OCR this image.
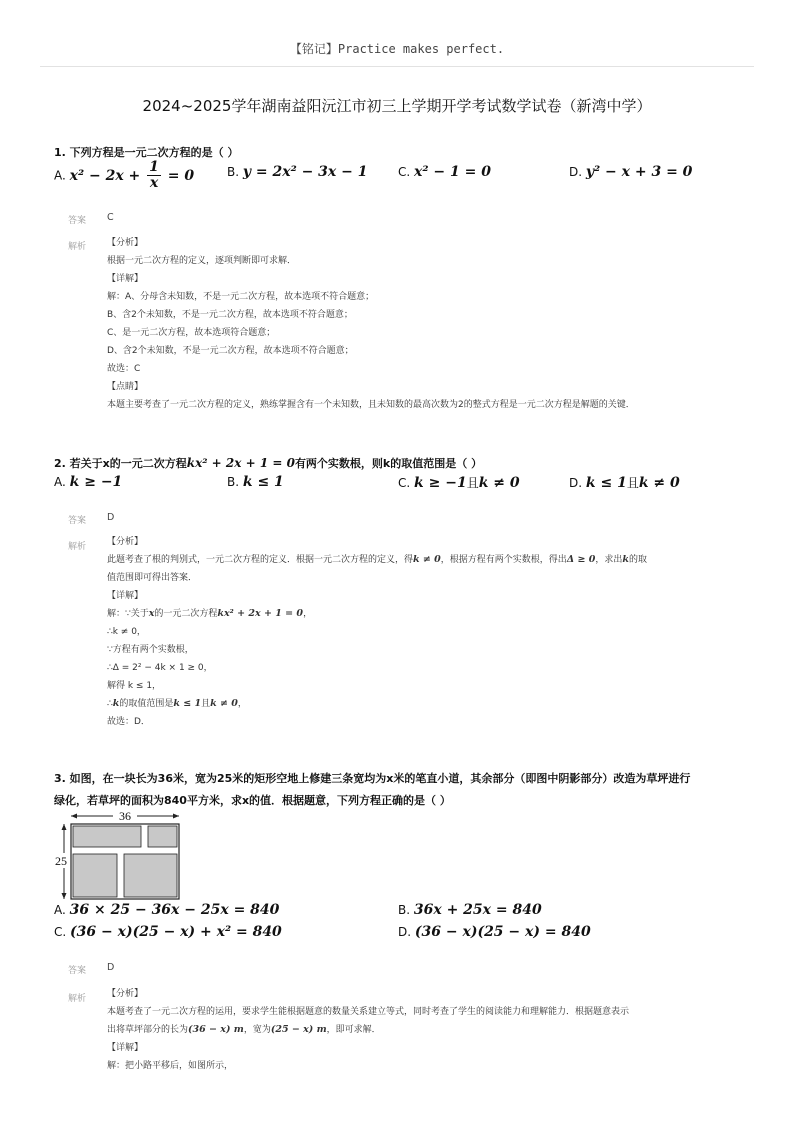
【铭记】Practice makes perfect.
2024~2025学年湖南益阳沅江市初三上学期开学考试数学试卷（新湾中学）
1. 下列方程是一元二次方程的是（ ）
A. $x^2 - 2x + \frac{1}{x} = 0$	B. y = 2x² − 3x − 1	C. x² − 1 = 0	D. y² − x + 3 = 0
答案 C
解析 【分析】
根据一元二次方程的定义，逐项判断即可求解．
【详解】
解：A、分母含未知数，不是一元二次方程，故本选项不符合题意；
B、含2个未知数，不是一元二次方程，故本选项不符合题意；
C、是一元二次方程，故本选项符合题意；
D、含2个未知数，不是一元二次方程，故本选项不符合题意；
故选：C
【点睛】
本题主要考查了一元二次方程的定义，熟练掌握含有一个未知数，且未知数的最高次数为2的整式方程是一元二次方程是解题的关键．
2. 若关于x的一元二次方程kx² + 2x + 1 = 0有两个实数根，则k的取值范围是（ ）
A. k ≥ −1	B. k ≤ 1	C. k ≥ −1且k ≠ 0	D. k ≤ 1且k ≠ 0
答案 D
解析 【分析】
此题考查了根的判别式，一元二次方程的定义．根据一元二次方程的定义，得k ≠ 0，根据方程有两个实数根，得出Δ ≥ 0，求出k的取
值范围即可得出答案．
【详解】
解：∵关于x的一元二次方程kx² + 2x + 1 = 0，
∴k ≠ 0，
∵方程有两个实数根，
∴Δ = 2² − 4k × 1 ≥ 0，
解得 k ≤ 1，
∴k的取值范围是k ≤ 1且k ≠ 0，
故选：D．
3. 如图，在一块长为36米，宽为25米的矩形空地上修建三条宽均为x米的笔直小道，其余部分（即图中阴影部分）改造为草坪进行
绿化，若草坪的面积为840平方米，求x的值．根据题意，下列方程正确的是（ ）
36
25
A. 36 × 25 − 36x − 25x = 840	B. 36x + 25x = 840
C. (36 − x)(25 − x) + x² = 840	D. (36 − x)(25 − x) = 840
答案 D
解析 【分析】
本题考查了一元二次方程的运用，要求学生能根据题意的数量关系建立等式，同时考查了学生的阅读能力和理解能力．根据题意表示
出将草坪部分的长为(36 − x) m，宽为(25 − x) m，即可求解．
【详解】
解：把小路平移后，如图所示，
